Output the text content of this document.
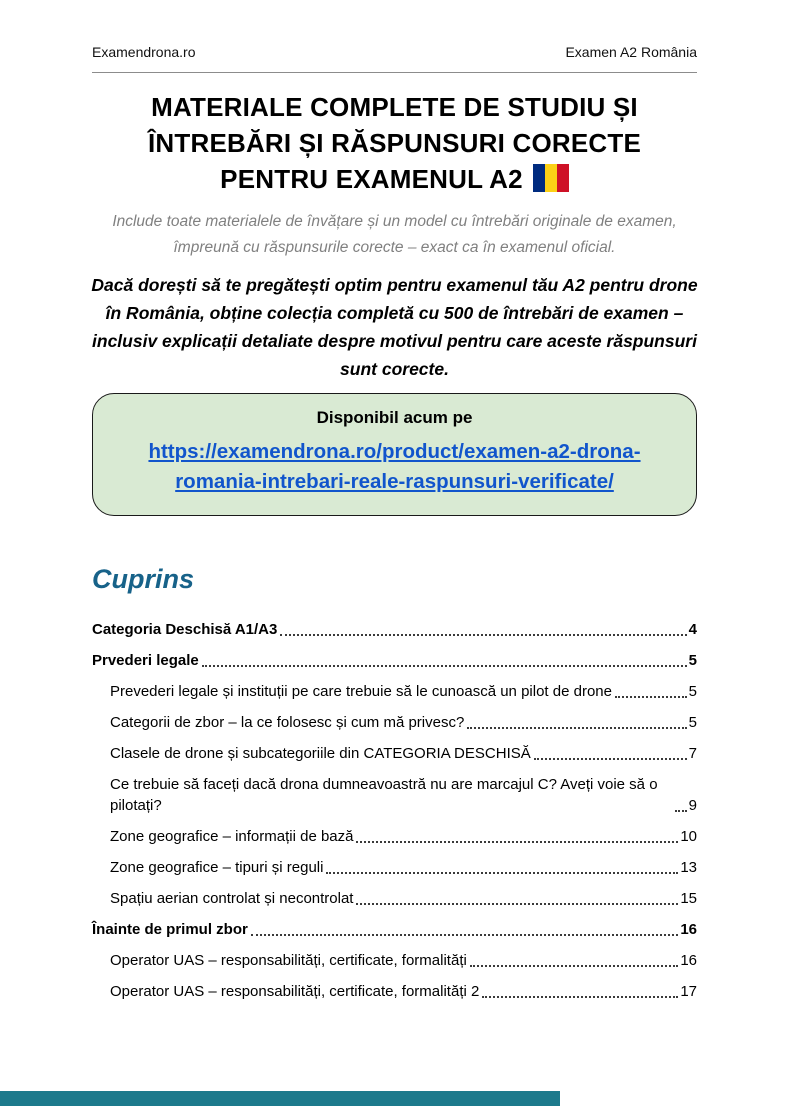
Examendrona.ro	Examen A2 România
MATERIALE COMPLETE DE STUDIU ȘI
ÎNTREBĂRI ȘI RĂSPUNSURI CORECTE
PENTRU EXAMENUL A2

Include toate materialele de învățare și un model cu întrebări originale de examen, împreună cu răspunsurile corecte – exact ca în examenul oficial.

Dacă dorești să te pregătești optim pentru examenul tău A2 pentru drone în România, obține colecția completă cu 500 de întrebări de examen – inclusiv explicații detaliate despre motivul pentru care aceste răspunsuri sunt corecte.

Disponibil acum pe
https://examendrona.ro/product/examen-a2-drona-romania-intrebari-reale-raspunsuri-verificate/
Cuprins
Categoria Deschisă A1/A3	4
Prvederi legale	5
Prevederi legale și instituții pe care trebuie să le cunoască un pilot de drone	5
Categorii de zbor – la ce folosesc și cum mă privesc?	5
Clasele de drone și subcategoriile din CATEGORIA DESCHISĂ	7
Ce trebuie să faceți dacă drona dumneavoastră nu are marcajul C? Aveți voie să o pilotați?	9
Zone geografice – informații de bază	10
Zone geografice – tipuri și reguli	13
Spațiu aerian controlat și necontrolat	15
Înainte de primul zbor	16
Operator UAS – responsabilități, certificate, formalități	16
Operator UAS – responsabilități, certificate, formalități 2	17
